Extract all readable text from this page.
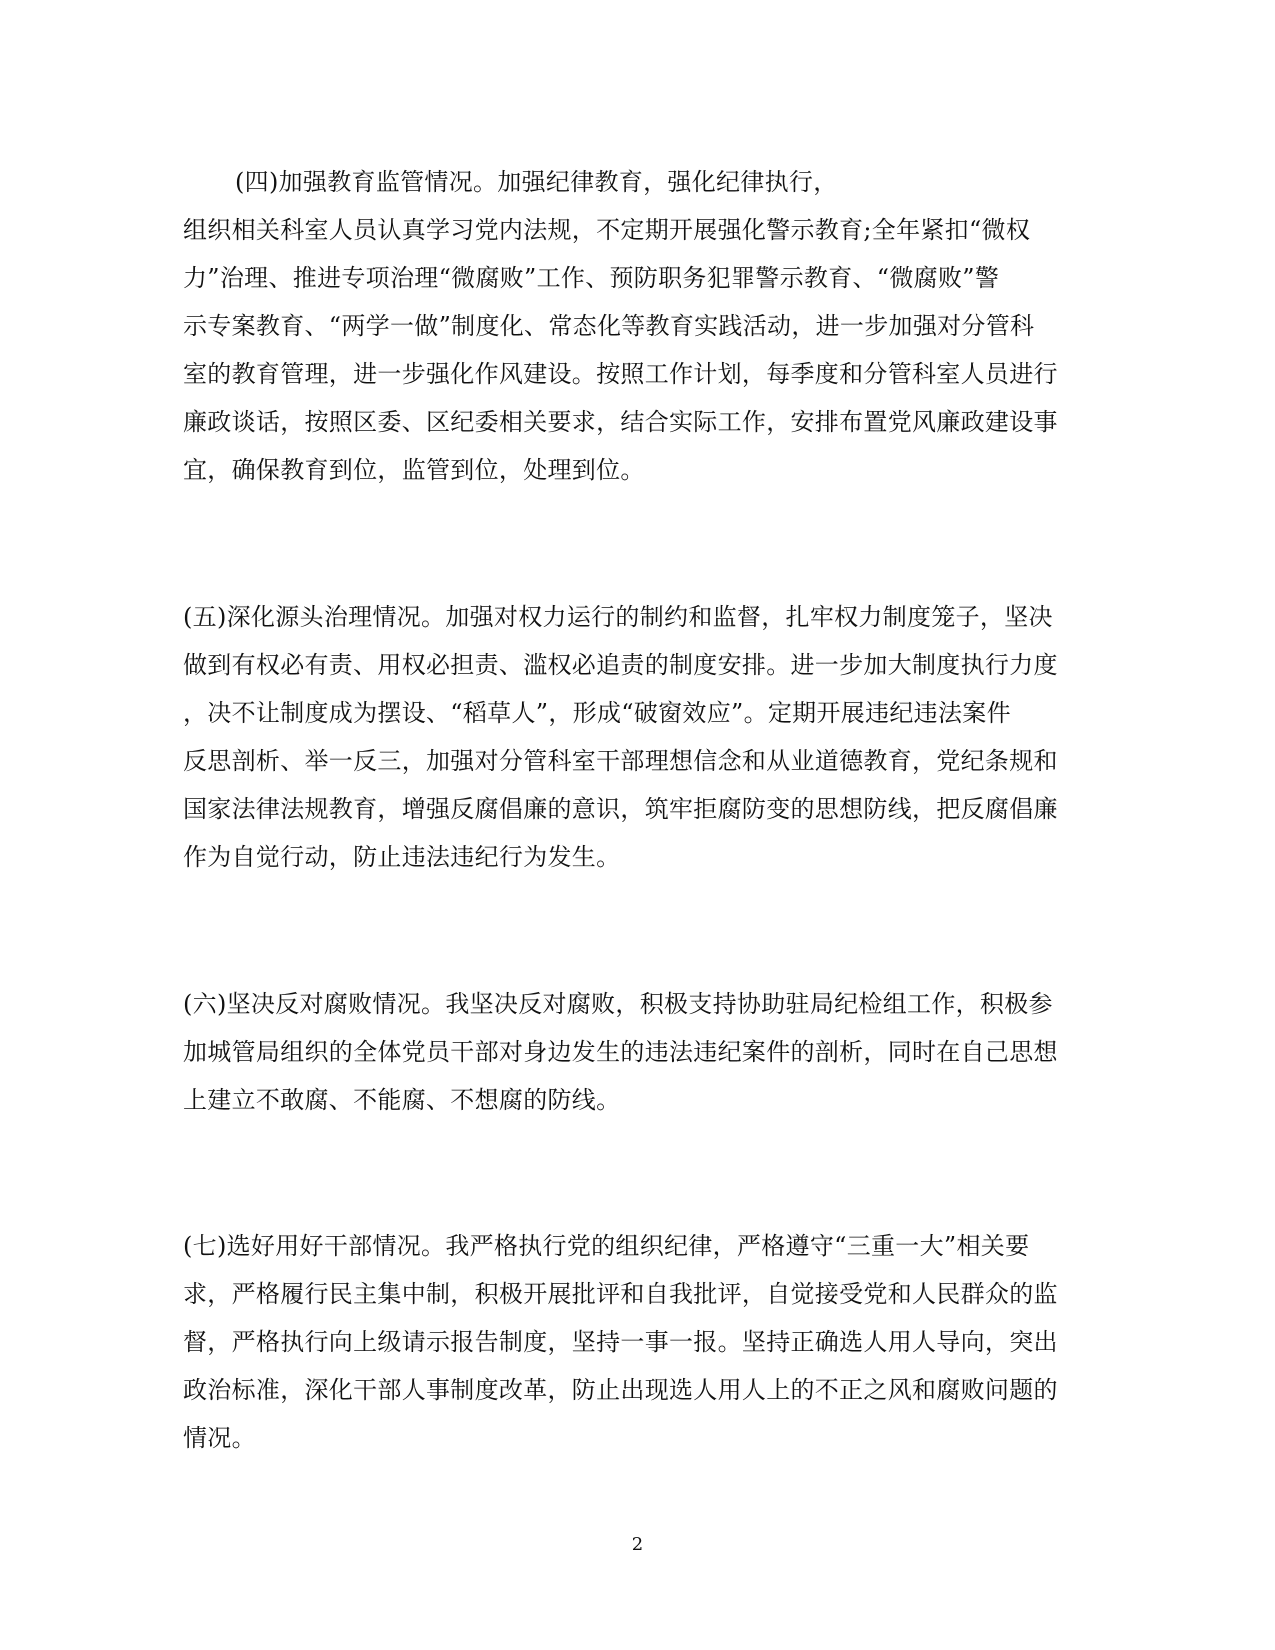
(四)加强教育监管情况。加强纪律教育，强化纪律执行，
组织相关科室人员认真学习党内法规，不定期开展强化警示教育;全年紧扣“微权
力”治理、推进专项治理“微腐败”工作、预防职务犯罪警示教育、“微腐败”警
示专案教育、“两学一做”制度化、常态化等教育实践活动，进一步加强对分管科
室的教育管理，进一步强化作风建设。按照工作计划，每季度和分管科室人员进行
廉政谈话，按照区委、区纪委相关要求，结合实际工作，安排布置党风廉政建设事
宜，确保教育到位，监管到位，处理到位。
(五)深化源头治理情况。加强对权力运行的制约和监督，扎牢权力制度笼子，坚决
做到有权必有责、用权必担责、滥权必追责的制度安排。进一步加大制度执行力度
，决不让制度成为摆设、“稻草人”，形成“破窗效应”。定期开展违纪违法案件
反思剖析、举一反三，加强对分管科室干部理想信念和从业道德教育，党纪条规和
国家法律法规教育，增强反腐倡廉的意识，筑牢拒腐防变的思想防线，把反腐倡廉
作为自觉行动，防止违法违纪行为发生。
(六)坚决反对腐败情况。我坚决反对腐败，积极支持协助驻局纪检组工作，积极参
加城管局组织的全体党员干部对身边发生的违法违纪案件的剖析，同时在自己思想
上建立不敢腐、不能腐、不想腐的防线。
(七)选好用好干部情况。我严格执行党的组织纪律，严格遵守“三重一大”相关要
求，严格履行民主集中制，积极开展批评和自我批评，自觉接受党和人民群众的监
督，严格执行向上级请示报告制度，坚持一事一报。坚持正确选人用人导向，突出
政治标准，深化干部人事制度改革，防止出现选人用人上的不正之风和腐败问题的
情况。
2
